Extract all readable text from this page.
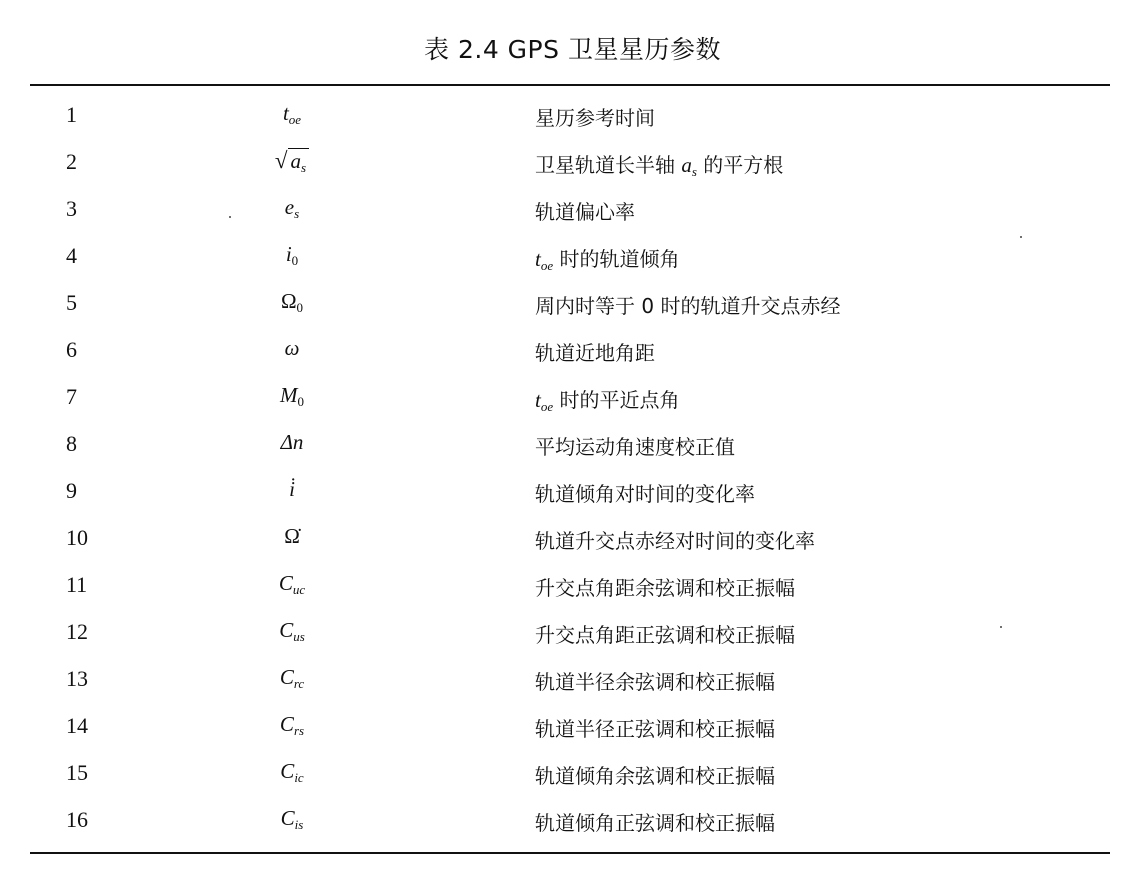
表 2.4 GPS 卫星星历参数
1	$t_{oe}$	星历参考时间
2	√ $a_s$	卫星轨道长半轴 $a_s$ 的平方根
3	$e_s$	轨道偏心率
4	$i_0$	$t_{oe}$ 时的轨道倾角
5	$\Omega_0$	周内时等于 0 时的轨道升交点赤经
6	ω	轨道近地角距
7	$M_0$	$t_{oe}$ 时的平近点角
8	Δn	平均运动角速度校正值
9	i̇	轨道倾角对时间的变化率
10	Ω̇	轨道升交点赤经对时间的变化率
11	$C_{uc}$	升交点角距余弦调和校正振幅
12	$C_{us}$	升交点角距正弦调和校正振幅
13	$C_{rc}$	轨道半径余弦调和校正振幅
14	$C_{rs}$	轨道半径正弦调和校正振幅
15	$C_{ic}$	轨道倾角余弦调和校正振幅
16	$C_{is}$	轨道倾角正弦调和校正振幅
